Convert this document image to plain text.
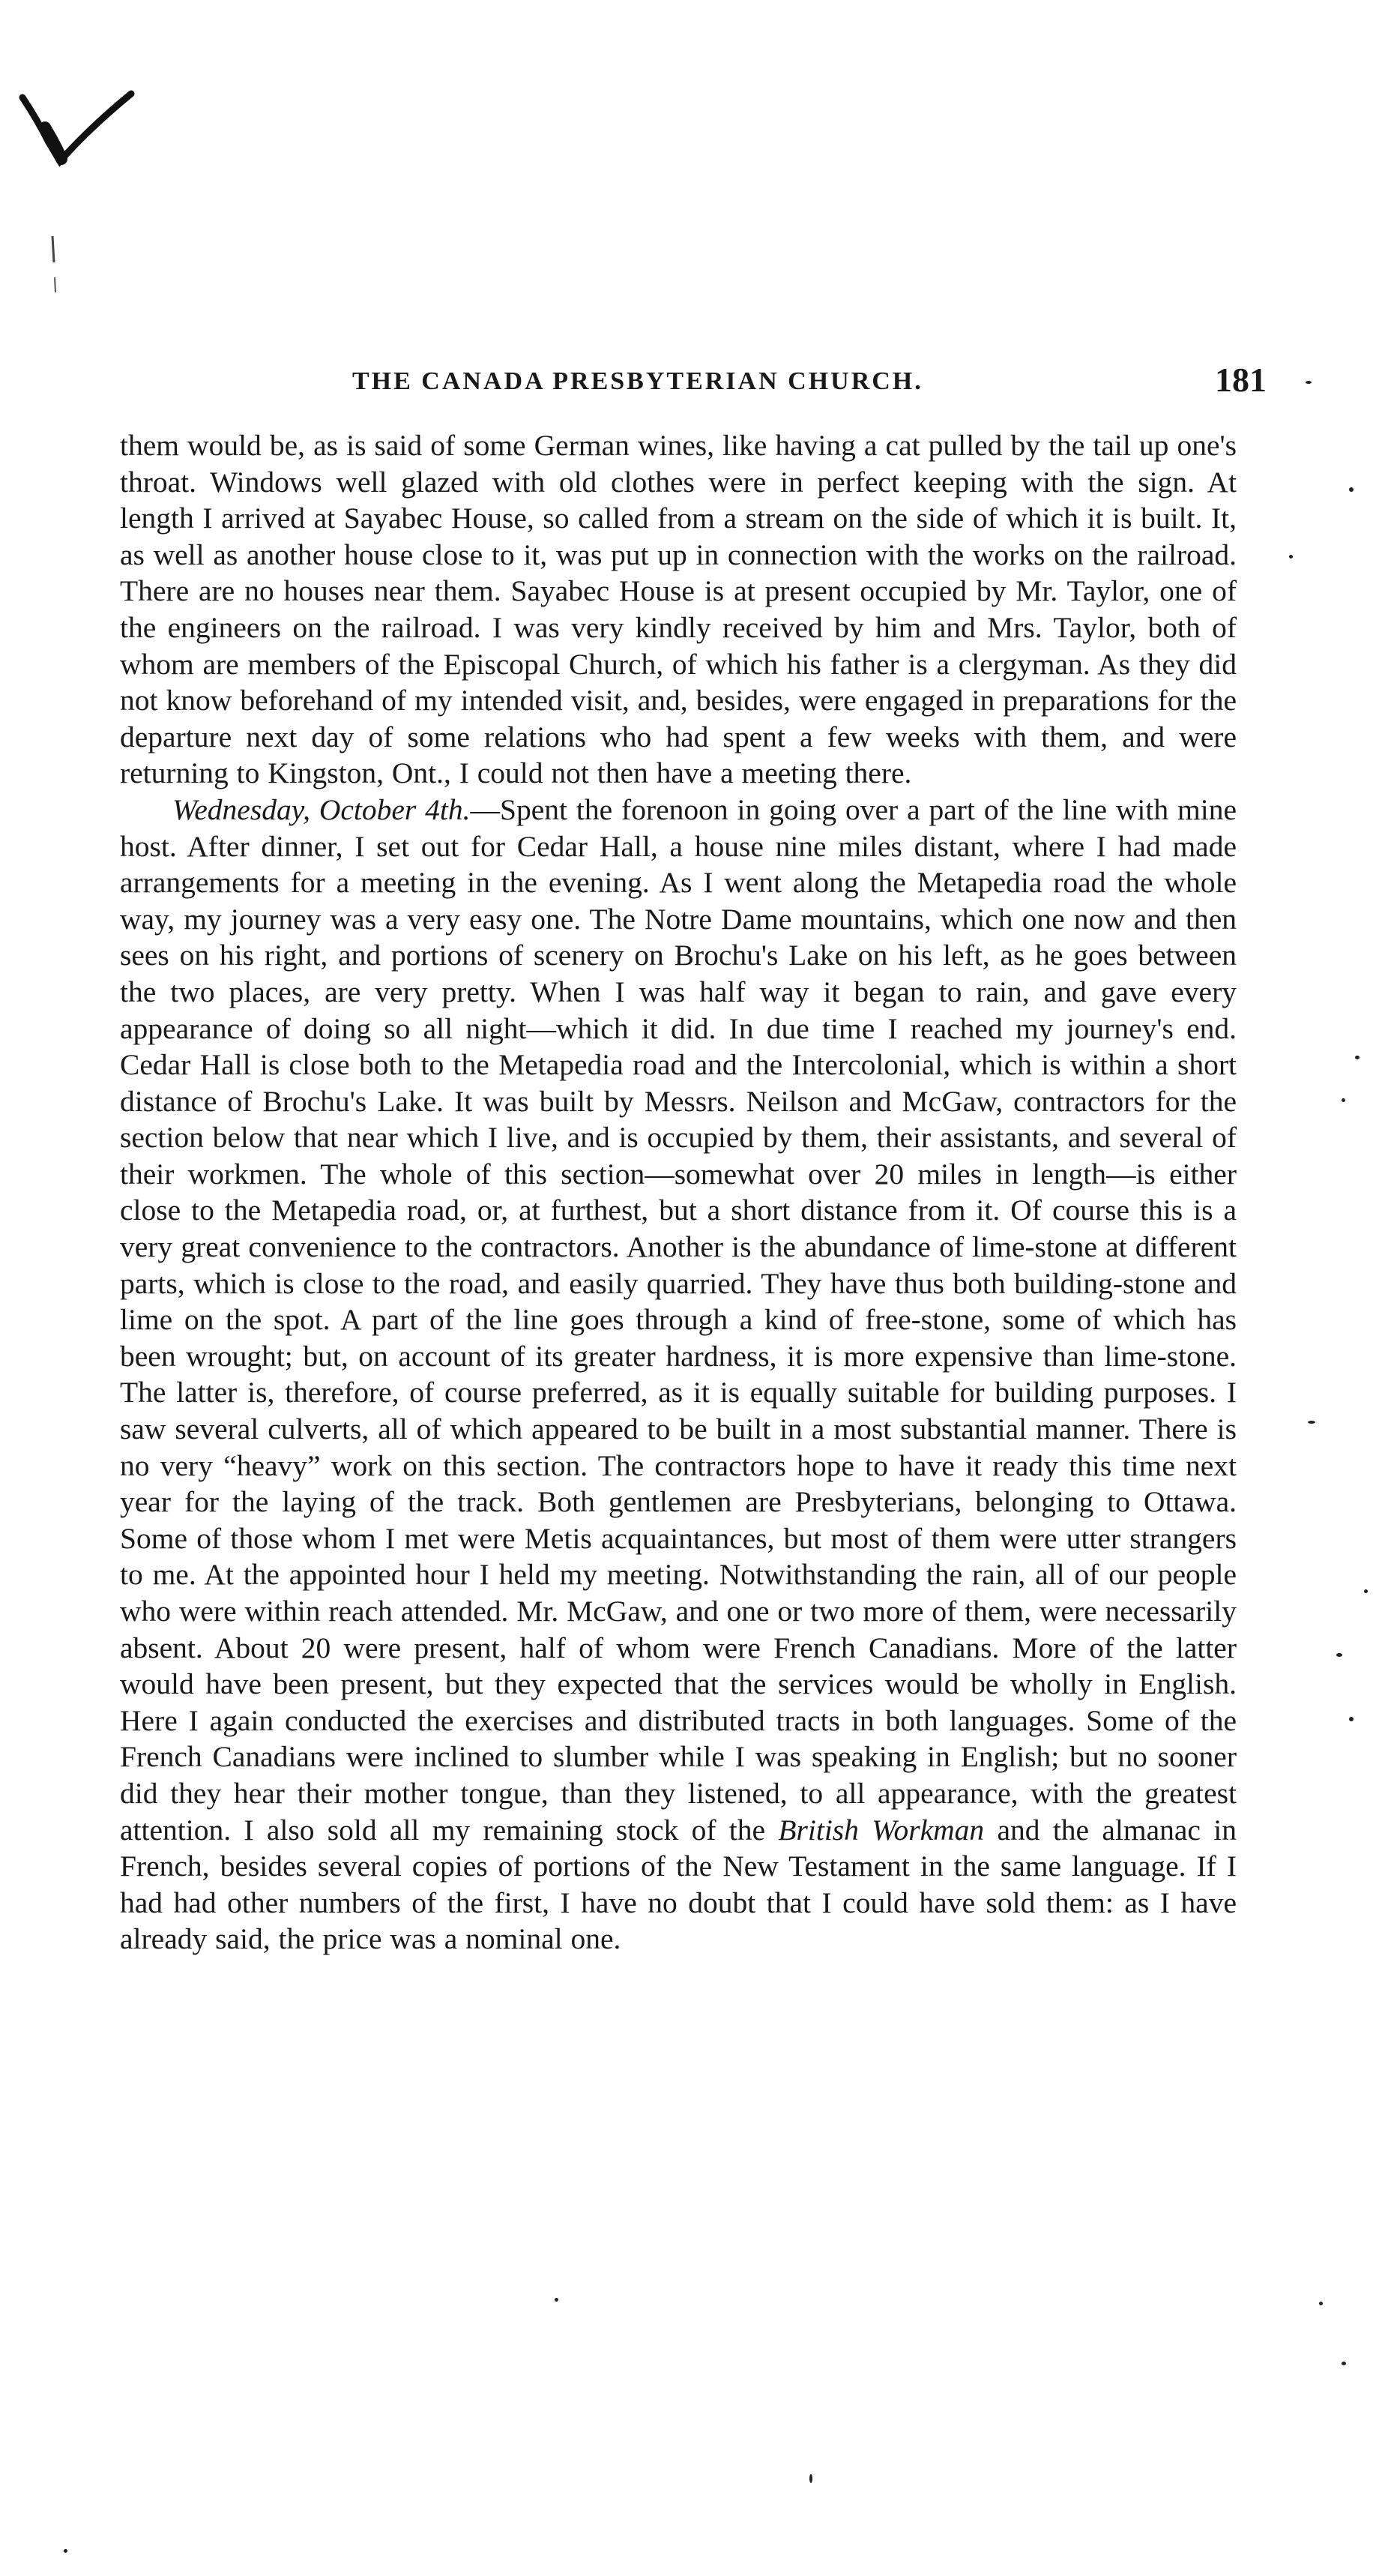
THE CANADA PRESBYTERIAN CHURCH.	181

them would be, as is said of some German wines, like having a cat pulled by the tail up one's throat. Windows well glazed with old clothes were in perfect keeping with the sign. At length I arrived at Sayabec House, so called from a stream on the side of which it is built. It, as well as another house close to it, was put up in connection with the works on the railroad. There are no houses near them. Sayabec House is at present occupied by Mr. Taylor, one of the engineers on the railroad. I was very kindly received by him and Mrs. Taylor, both of whom are members of the Episcopal Church, of which his father is a clergyman. As they did not know beforehand of my intended visit, and, besides, were engaged in preparations for the departure next day of some relations who had spent a few weeks with them, and were returning to Kingston, Ont., I could not then have a meeting there.

Wednesday, October 4th.—Spent the forenoon in going over a part of the line with mine host. After dinner, I set out for Cedar Hall, a house nine miles distant, where I had made arrangements for a meeting in the evening. As I went along the Metapedia road the whole way, my journey was a very easy one. The Notre Dame mountains, which one now and then sees on his right, and portions of scenery on Brochu's Lake on his left, as he goes between the two places, are very pretty. When I was half way it began to rain, and gave every appearance of doing so all night—which it did. In due time I reached my journey's end. Cedar Hall is close both to the Metapedia road and the Intercolonial, which is within a short distance of Brochu's Lake. It was built by Messrs. Neilson and McGaw, contractors for the section below that near which I live, and is occupied by them, their assistants, and several of their workmen. The whole of this section—somewhat over 20 miles in length—is either close to the Metapedia road, or, at furthest, but a short distance from it. Of course this is a very great convenience to the contractors. Another is the abundance of lime-stone at different parts, which is close to the road, and easily quarried. They have thus both building-stone and lime on the spot. A part of the line goes through a kind of free-stone, some of which has been wrought; but, on account of its greater hardness, it is more expensive than lime-stone. The latter is, therefore, of course preferred, as it is equally suitable for building purposes. I saw several culverts, all of which appeared to be built in a most substantial manner. There is no very “heavy” work on this section. The contractors hope to have it ready this time next year for the laying of the track. Both gentlemen are Presbyterians, belonging to Ottawa. Some of those whom I met were Metis acquaintances, but most of them were utter strangers to me. At the appointed hour I held my meeting. Notwithstanding the rain, all of our people who were within reach attended. Mr. McGaw, and one or two more of them, were necessarily absent. About 20 were present, half of whom were French Canadians. More of the latter would have been present, but they expected that the services would be wholly in English. Here I again conducted the exercises and distributed tracts in both languages. Some of the French Canadians were inclined to slumber while I was speaking in English; but no sooner did they hear their mother tongue, than they listened, to all appearance, with the greatest attention. I also sold all my remaining stock of the British Workman and the almanac in French, besides several copies of portions of the New Testament in the same language. If I had had other numbers of the first, I have no doubt that I could have sold them: as I have already said, the price was a nominal one.
